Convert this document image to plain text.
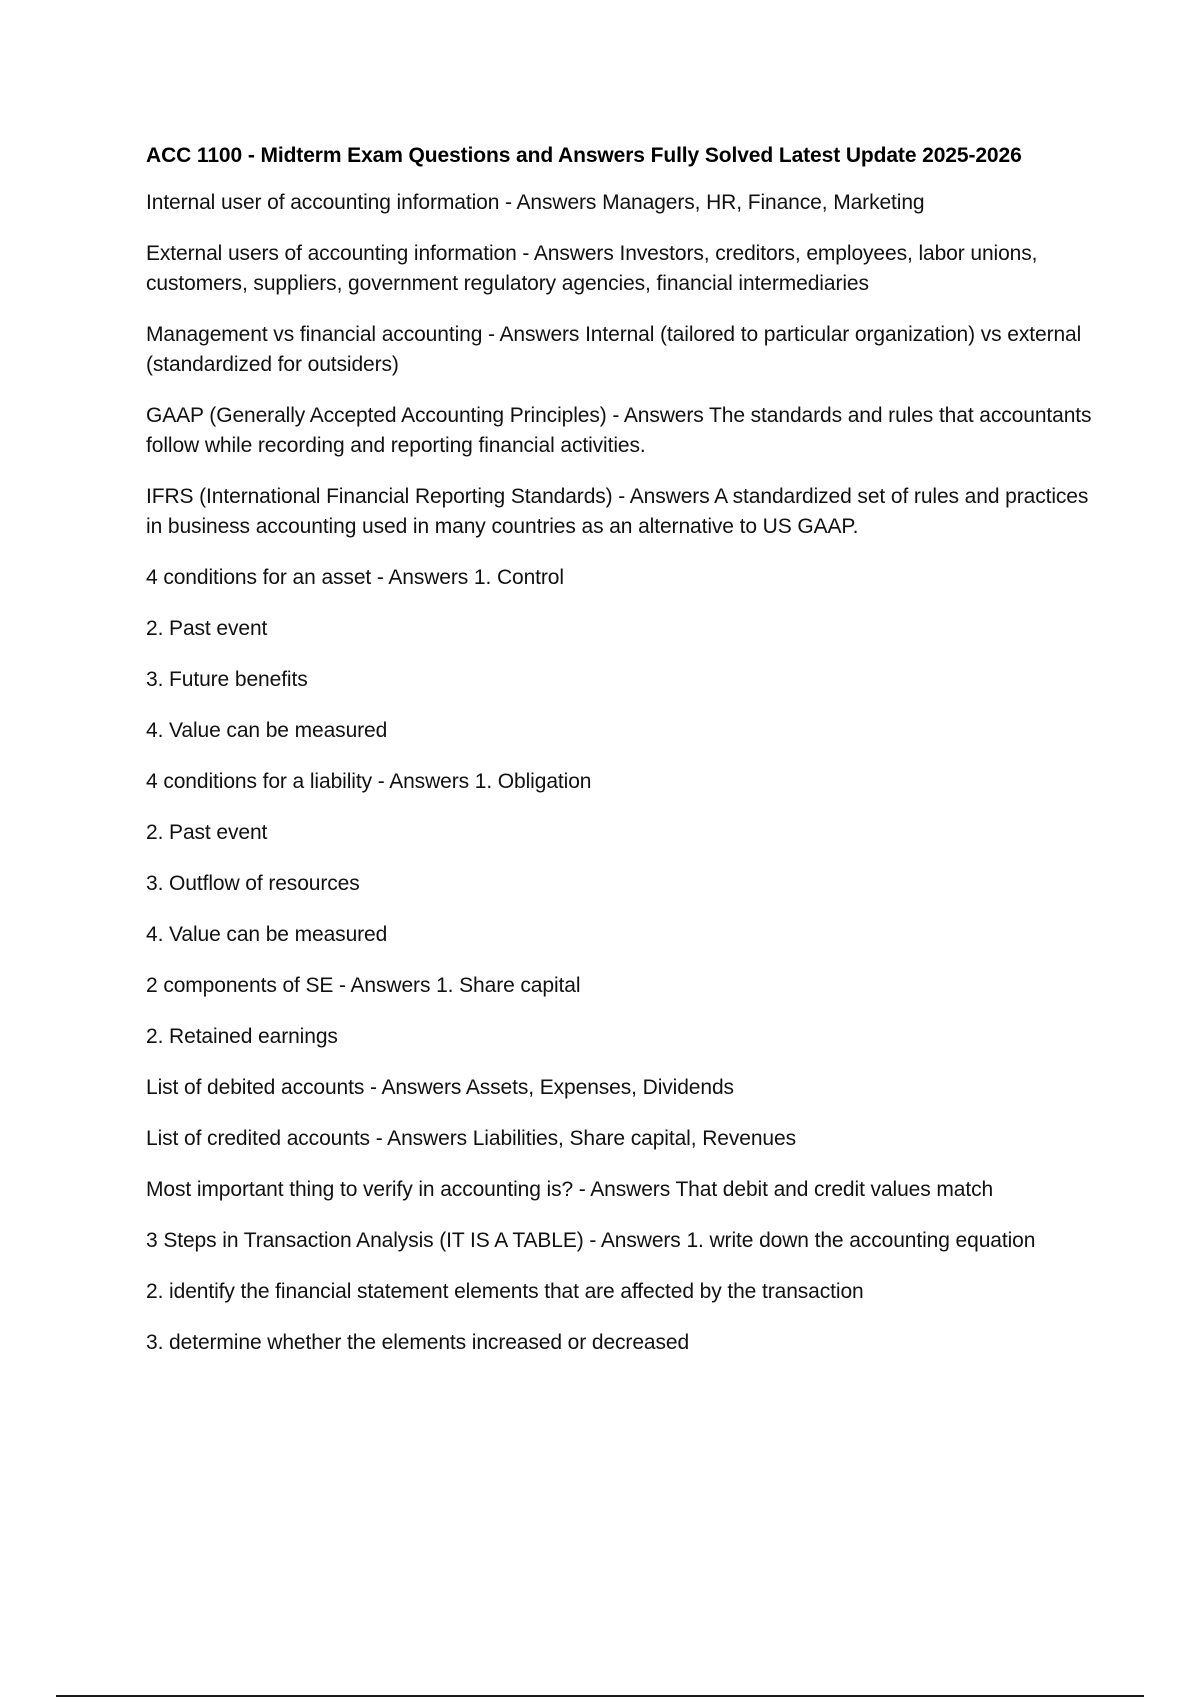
ACC 1100 - Midterm Exam Questions and Answers Fully Solved Latest Update 2025-2026

Internal user of accounting information - Answers Managers, HR, Finance, Marketing

External users of accounting information - Answers Investors, creditors, employees, labor unions, customers, suppliers, government regulatory agencies, financial intermediaries

Management vs financial accounting - Answers Internal (tailored to particular organization) vs external (standardized for outsiders)

GAAP (Generally Accepted Accounting Principles) - Answers The standards and rules that accountants follow while recording and reporting financial activities.

IFRS (International Financial Reporting Standards) - Answers A standardized set of rules and practices in business accounting used in many countries as an alternative to US GAAP.

4 conditions for an asset - Answers 1. Control

2. Past event

3. Future benefits

4. Value can be measured

4 conditions for a liability - Answers 1. Obligation

2. Past event

3. Outflow of resources

4. Value can be measured

2 components of SE - Answers 1. Share capital

2. Retained earnings

List of debited accounts - Answers Assets, Expenses, Dividends

List of credited accounts - Answers Liabilities, Share capital, Revenues

Most important thing to verify in accounting is? - Answers That debit and credit values match

3 Steps in Transaction Analysis (IT IS A TABLE) - Answers 1. write down the accounting equation

2. identify the financial statement elements that are affected by the transaction

3. determine whether the elements increased or decreased
